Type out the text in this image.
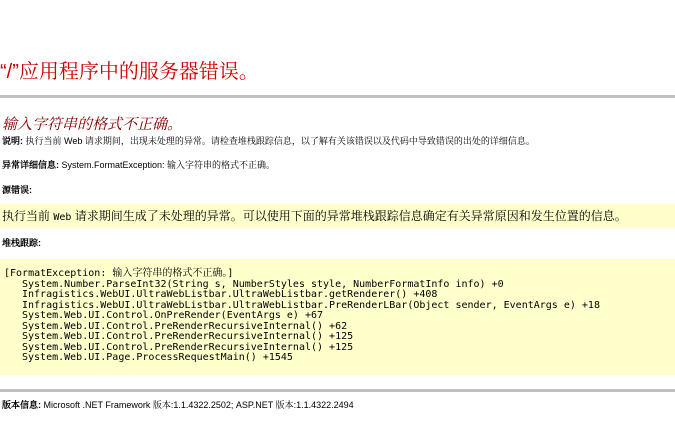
“/”应用程序中的服务器错误。
输入字符串的格式不正确。
说明: 执行当前 Web 请求期间，出现未处理的异常。请检查堆栈跟踪信息，以了解有关该错误以及代码中导致错误的出处的详细信息。
异常详细信息: System.FormatException: 输入字符串的格式不正确。
源错误:
执行当前 Web 请求期间生成了未处理的异常。可以使用下面的异常堆栈跟踪信息确定有关异常原因和发生位置的信息。
堆栈跟踪:
[FormatException: 输入字符串的格式不正确。]
System.Number.ParseInt32(String s, NumberStyles style, NumberFormatInfo info) +0
Infragistics.WebUI.UltraWebListbar.UltraWebListbar.getRenderer() +408
Infragistics.WebUI.UltraWebListbar.UltraWebListbar.PreRenderLBar(Object sender, EventArgs e) +18
System.Web.UI.Control.OnPreRender(EventArgs e) +67
System.Web.UI.Control.PreRenderRecursiveInternal() +62
System.Web.UI.Control.PreRenderRecursiveInternal() +125
System.Web.UI.Control.PreRenderRecursiveInternal() +125
System.Web.UI.Page.ProcessRequestMain() +1545
版本信息: Microsoft .NET Framework 版本:1.1.4322.2502; ASP.NET 版本:1.1.4322.2494
